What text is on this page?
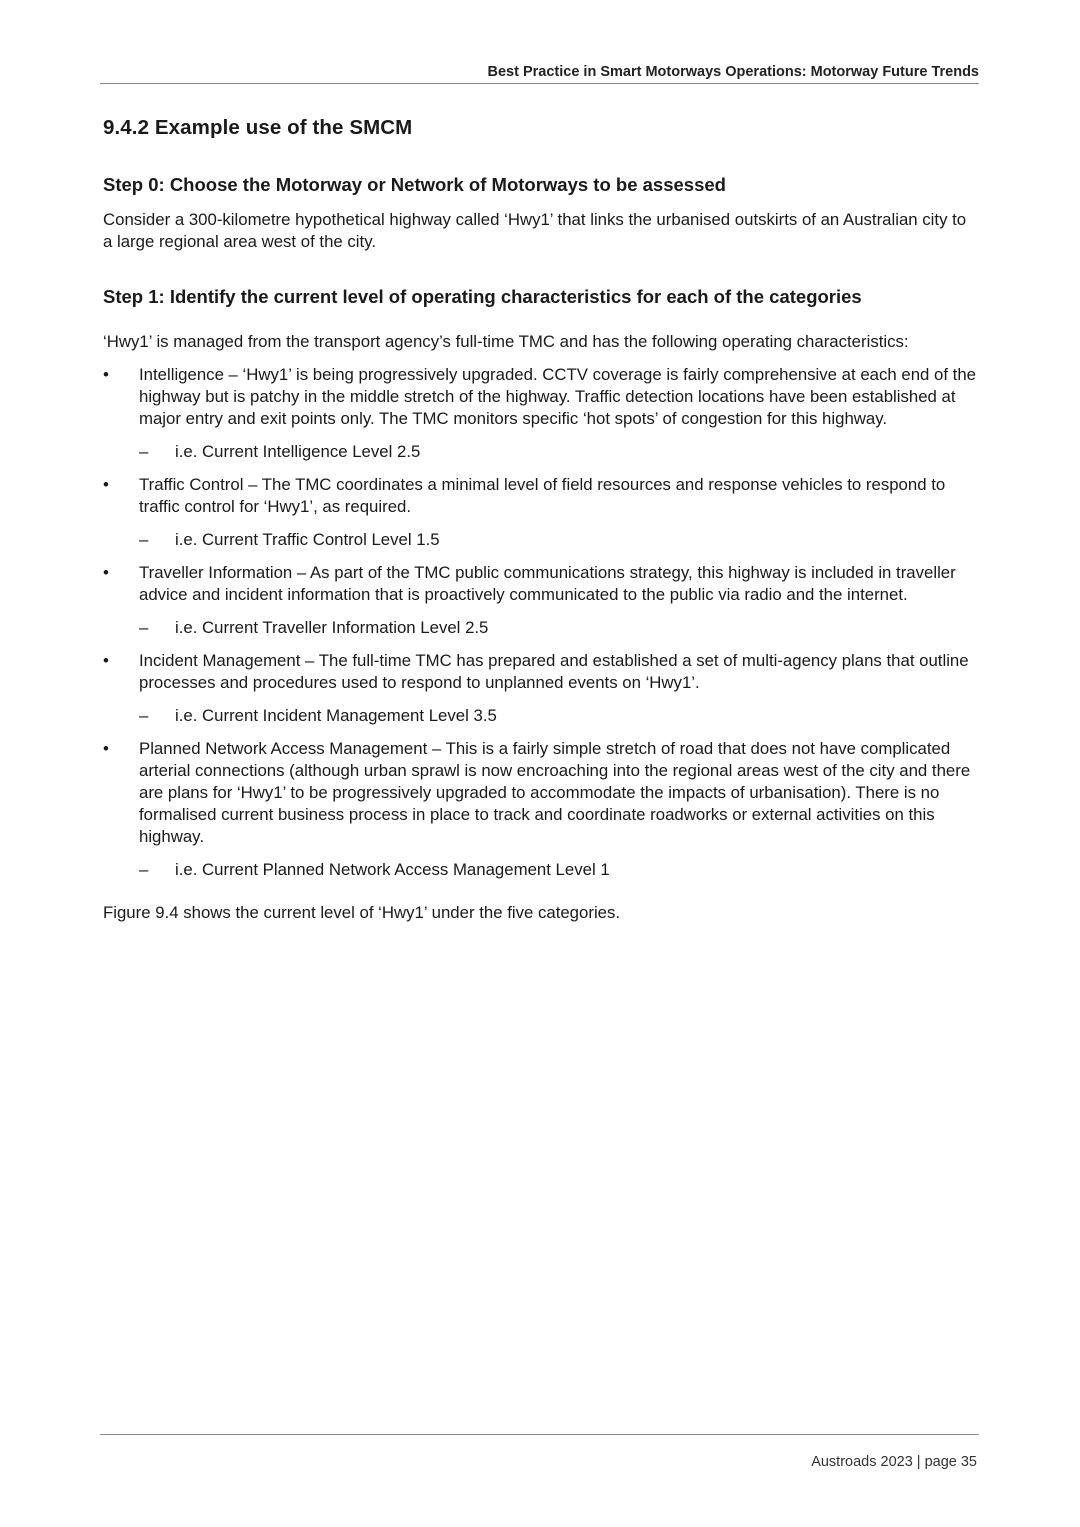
Best Practice in Smart Motorways Operations: Motorway Future Trends
9.4.2 Example use of the SMCM
Step 0: Choose the Motorway or Network of Motorways to be assessed

Consider a 300-kilometre hypothetical highway called ‘Hwy1’ that links the urbanised outskirts of an Australian city to a large regional area west of the city.

Step 1: Identify the current level of operating characteristics for each of the categories

‘Hwy1’ is managed from the transport agency’s full-time TMC and has the following operating characteristics:

• Intelligence – ‘Hwy1’ is being progressively upgraded. CCTV coverage is fairly comprehensive at each end of the highway but is patchy in the middle stretch of the highway. Traffic detection locations have been established at major entry and exit points only. The TMC monitors specific ‘hot spots’ of congestion for this highway.
– i.e. Current Intelligence Level 2.5
• Traffic Control – The TMC coordinates a minimal level of field resources and response vehicles to respond to traffic control for ‘Hwy1’, as required.
– i.e. Current Traffic Control Level 1.5
• Traveller Information – As part of the TMC public communications strategy, this highway is included in traveller advice and incident information that is proactively communicated to the public via radio and the internet.
– i.e. Current Traveller Information Level 2.5
• Incident Management – The full-time TMC has prepared and established a set of multi-agency plans that outline processes and procedures used to respond to unplanned events on ‘Hwy1’.
– i.e. Current Incident Management Level 3.5
• Planned Network Access Management – This is a fairly simple stretch of road that does not have complicated arterial connections (although urban sprawl is now encroaching into the regional areas west of the city and there are plans for ‘Hwy1’ to be progressively upgraded to accommodate the impacts of urbanisation). There is no formalised current business process in place to track and coordinate roadworks or external activities on this highway.
– i.e. Current Planned Network Access Management Level 1

Figure 9.4 shows the current level of ‘Hwy1’ under the five categories.

Austroads 2023 | page 35
